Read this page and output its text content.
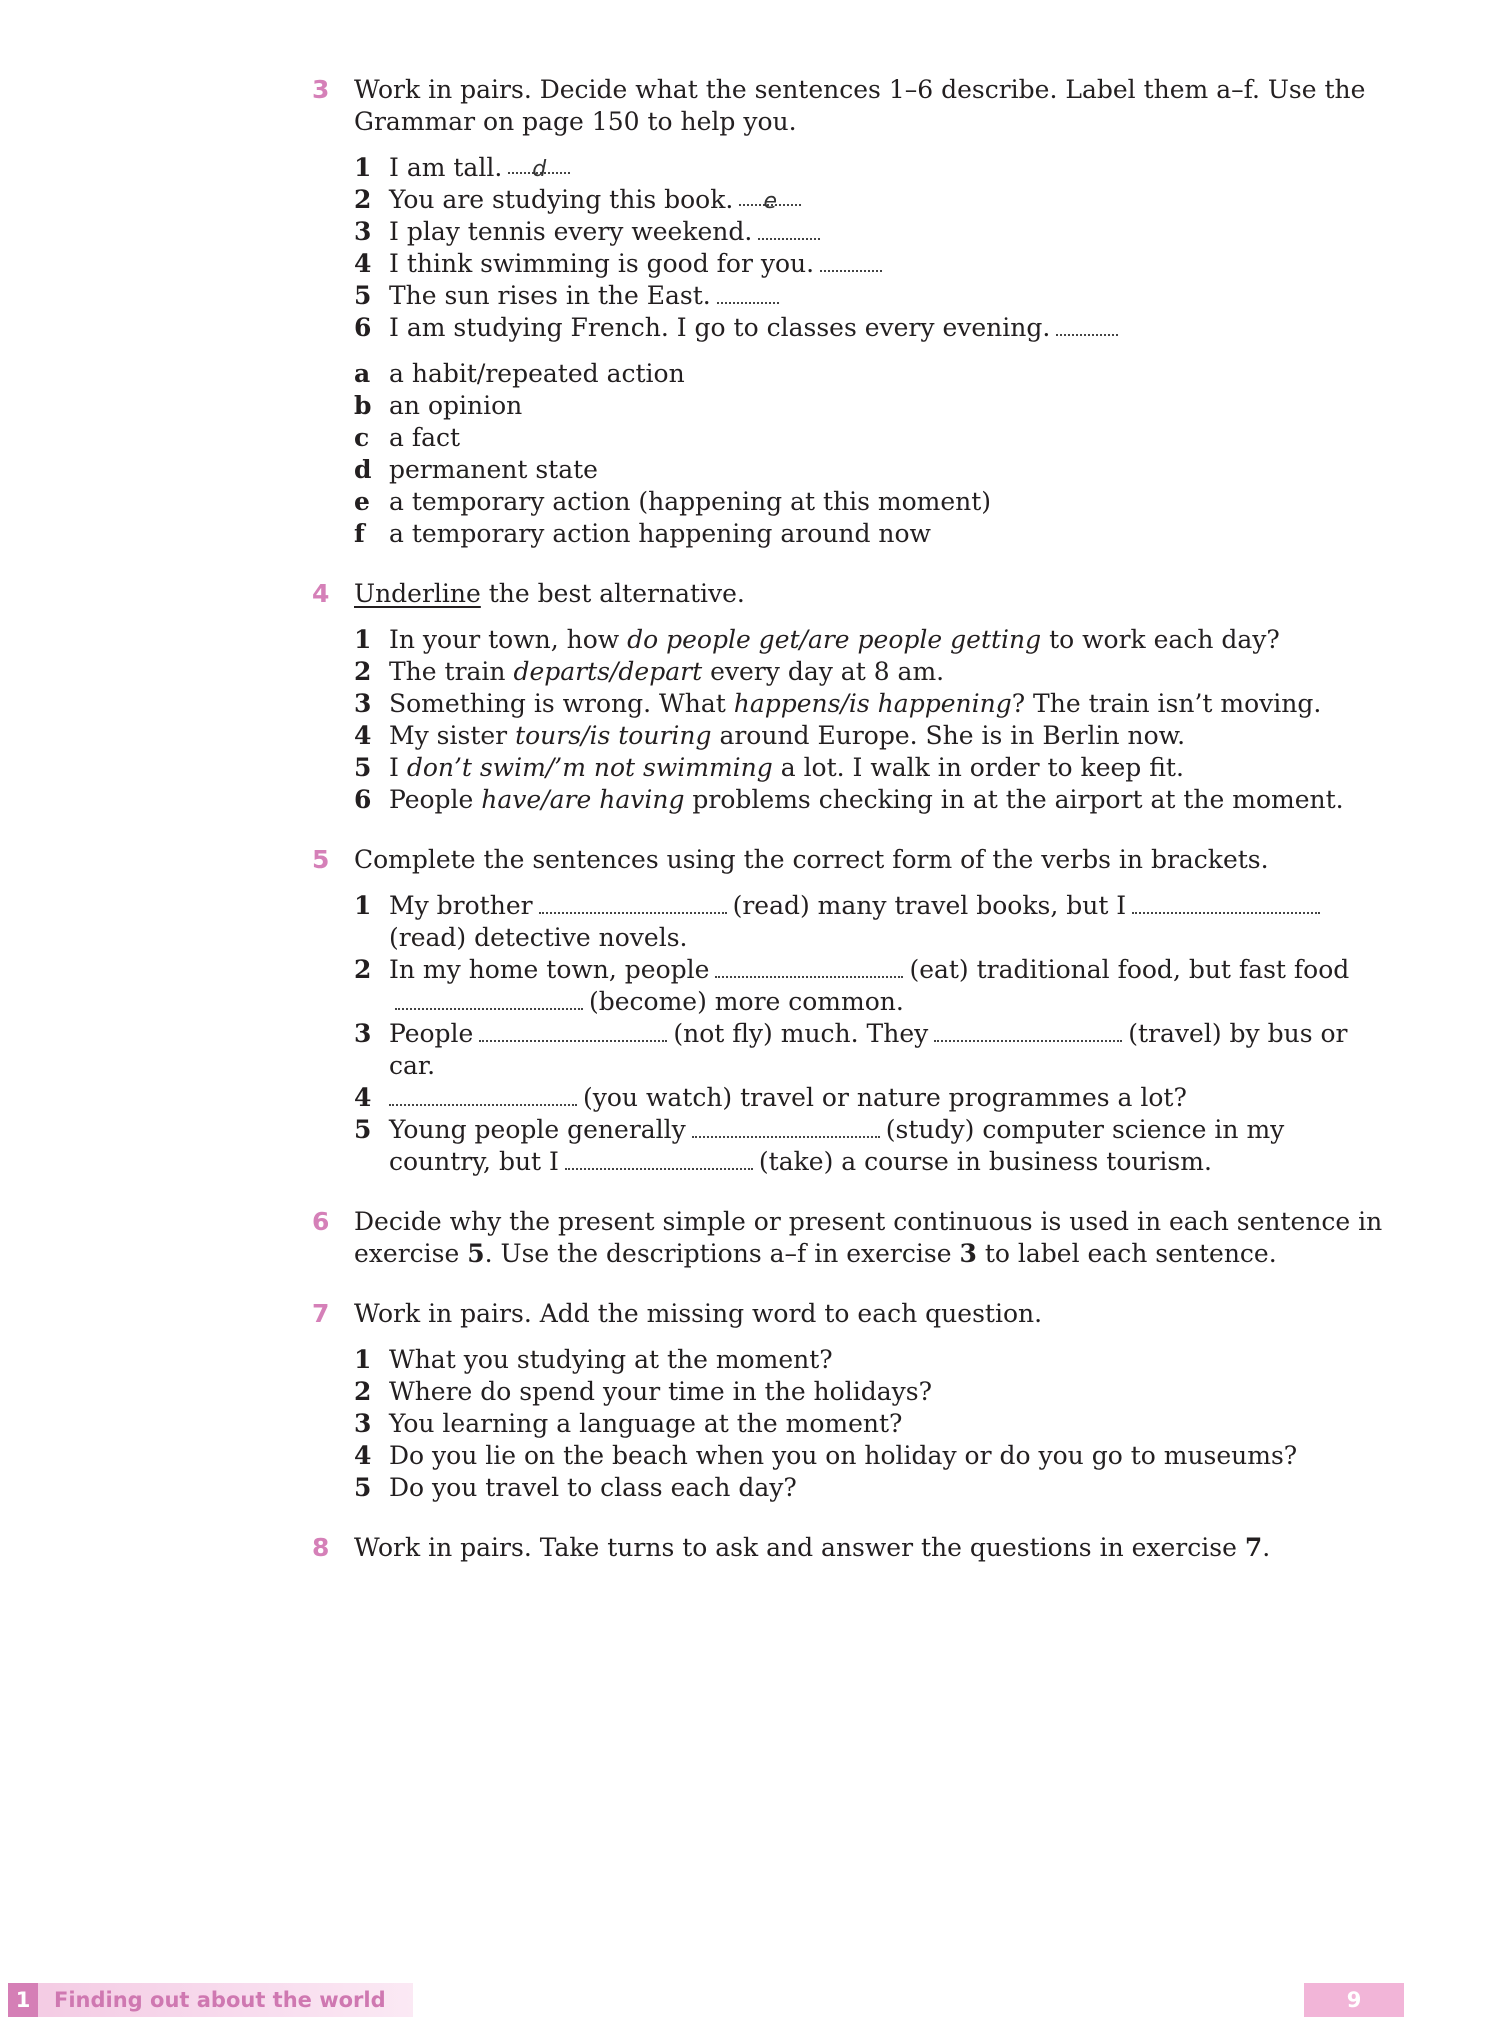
3 Work in pairs. Decide what the sentences 1–6 describe. Label them a–f. Use the Grammar on page 150 to help you.

1 I am tall. d
2 You are studying this book. e
3 I play tennis every weekend.
4 I think swimming is good for you.
5 The sun rises in the East.
6 I am studying French. I go to classes every evening.
a a habit/repeated action
b an opinion
c a fact
d permanent state
e a temporary action (happening at this moment)
f a temporary action happening around now
4 Underline the best alternative.

1 In your town, how do people get/are people getting to work each day?
2 The train departs/depart every day at 8 am.
3 Something is wrong. What happens/is happening? The train isn’t moving.
4 My sister tours/is touring around Europe. She is in Berlin now.
5 I don’t swim/’m not swimming a lot. I walk in order to keep fit.
6 People have/are having problems checking in at the airport at the moment.
5 Complete the sentences using the correct form of the verbs in brackets.

1 My brother	(read) many travel books, but I(read) detective novels.
2 In my home town, people	(eat) traditional food, but fast food(become) more common.
3 People	(not fly) much. They	(travel) by bus or car.
4	(you watch) travel or nature programmes a lot?
5 Young people generally	(study) computer science in my country, but I	(take) a course in business tourism.
6 Decide why the present simple or present continuous is used in each sentence in exercise 5. Use the descriptions a–f in exercise 3 to label each sentence.

7 Work in pairs. Add the missing word to each question.

1 What you studying at the moment?
2 Where do spend your time in the holidays?
3 You learning a language at the moment?
4 Do you lie on the beach when you on holiday or do you go to museums?
5 Do you travel to class each day?
8 Work in pairs. Take turns to ask and answer the questions in exercise 7.

1	Finding out about the world	9
